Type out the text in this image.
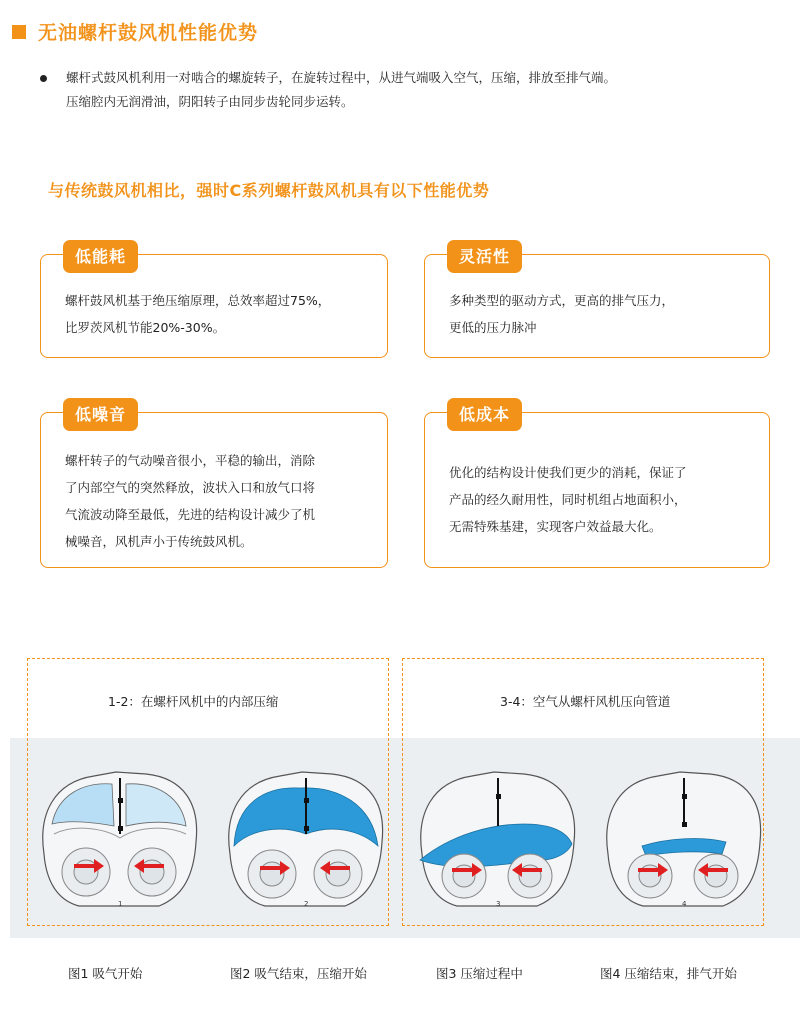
无油螺杆鼓风机性能优势

螺杆式鼓风机利用一对啮合的螺旋转子，在旋转过程中，从进气端吸入空气，压缩，排放至排气端。

压缩腔内无润滑油，阴阳转子由同步齿轮同步运转。

与传统鼓风机相比，强时C系列螺杆鼓风机具有以下性能优势
低能耗
螺杆鼓风机基于绝压缩原理，总效率超过75%，
比罗茨风机节能20%-30%。
灵活性
多种类型的驱动方式，更高的排气压力，
更低的压力脉冲
低噪音
螺杆转子的气动噪音很小，平稳的输出，消除
了内部空气的突然释放，波状入口和放气口将
气流波动降至最低，先进的结构设计减少了机
械噪音，风机声小于传统鼓风机。
低成本
优化的结构设计使我们更少的消耗，保证了
产品的经久耐用性，同时机组占地面积小，
无需特殊基建，实现客户效益最大化。
1-2：在螺杆风机中的内部压缩	3-4：空气从螺杆风机压向管道
1	2	3	4
图1 吸气开始	图2 吸气结束，压缩开始	图3 压缩过程中	图4 压缩结束，排气开始
